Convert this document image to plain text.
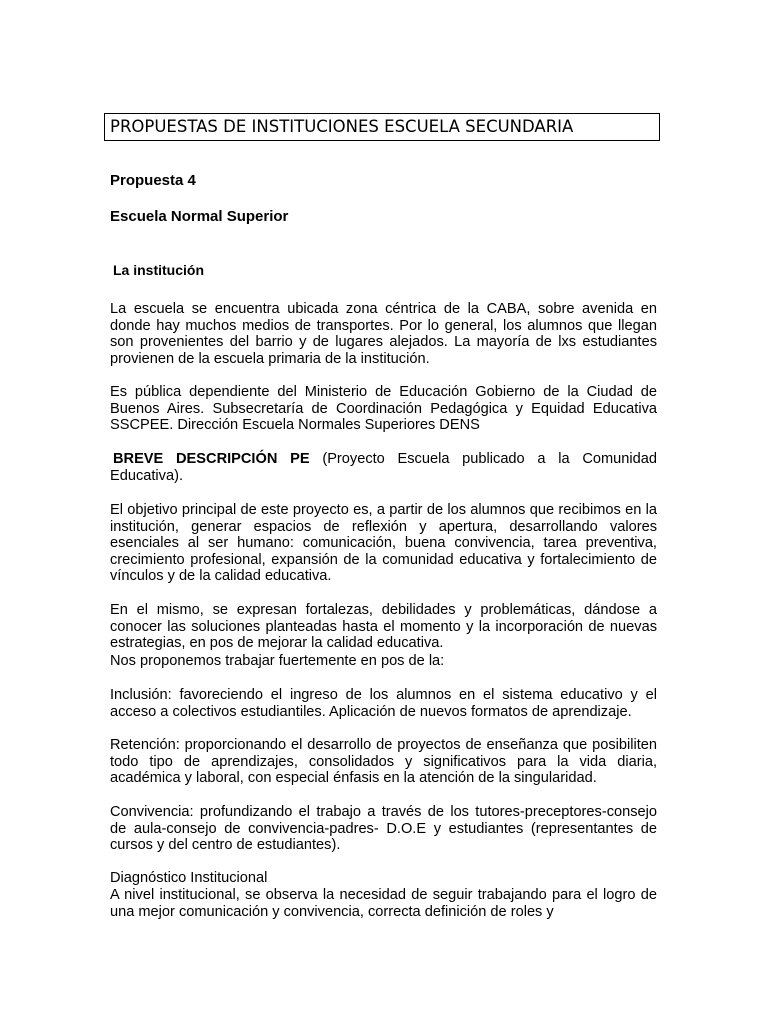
PROPUESTAS DE INSTITUCIONES ESCUELA SECUNDARIA
Propuesta 4
Escuela Normal Superior
La institución
La escuela se encuentra ubicada zona céntrica de la CABA, sobre avenida en donde hay muchos medios de transportes. Por lo general, los alumnos que llegan son provenientes del barrio y de lugares alejados. La mayoría de lxs estudiantes provienen de la escuela primaria de la institución.
Es pública dependiente del Ministerio de Educación Gobierno de la Ciudad de Buenos Aires. Subsecretaría de Coordinación Pedagógica y Equidad Educativa SSCPEE. Dirección Escuela Normales Superiores DENS
BREVE DESCRIPCIÓN PE (Proyecto Escuela publicado a la Comunidad Educativa).
El objetivo principal de este proyecto es, a partir de los alumnos que recibimos en la institución, generar espacios de reflexión y apertura, desarrollando valores esenciales al ser humano: comunicación, buena convivencia, tarea preventiva, crecimiento profesional, expansión de la comunidad educativa y fortalecimiento de vínculos y de la calidad educativa.
En el mismo, se expresan fortalezas, debilidades y problemáticas, dándose a conocer las soluciones planteadas hasta el momento y la incorporación de nuevas estrategias, en pos de mejorar la calidad educativa.
Nos proponemos trabajar fuertemente en pos de la:
Inclusión: favoreciendo el ingreso de los alumnos en el sistema educativo y el acceso a colectivos estudiantiles. Aplicación de nuevos formatos de aprendizaje.
Retención: proporcionando el desarrollo de proyectos de enseñanza que posibiliten todo tipo de aprendizajes, consolidados y significativos para la vida diaria, académica y laboral, con especial énfasis en la atención de la singularidad.
Convivencia: profundizando el trabajo a través de los tutores-preceptores-consejo de aula-consejo de convivencia-padres- D.O.E y estudiantes (representantes de cursos y del centro de estudiantes).
Diagnóstico Institucional
A nivel institucional, se observa la necesidad de seguir trabajando para el logro de una mejor comunicación y convivencia, correcta definición de roles y
